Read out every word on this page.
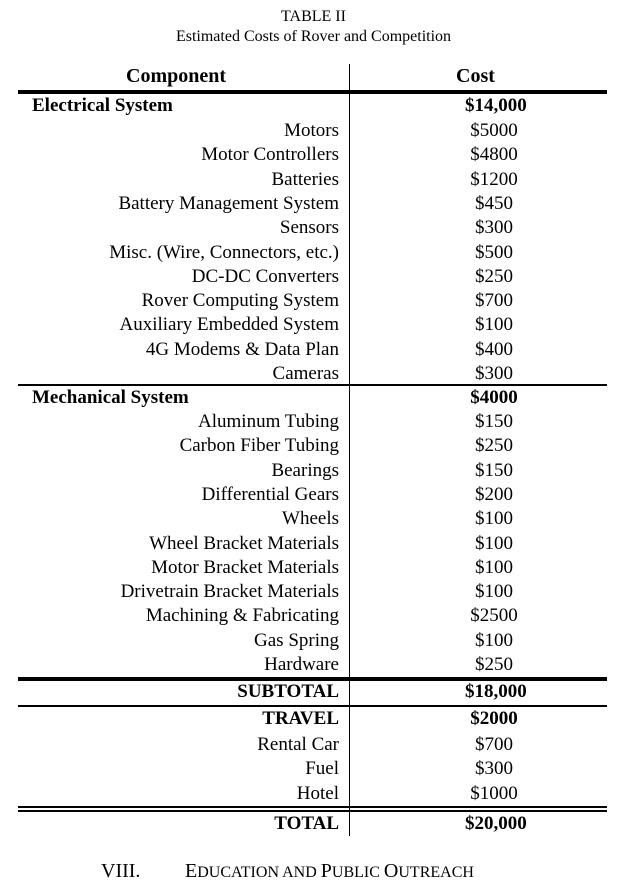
TABLE II
Estimated Costs of Rover and Competition
Component	Cost
Electrical System	$14,000
Motors	$5000
Motor Controllers	$4800
Batteries	$1200
Battery Management System	$450
Sensors	$300
Misc. (Wire, Connectors, etc.)	$500
DC-DC Converters	$250
Rover Computing System	$700
Auxiliary Embedded System	$100
4G Modems & Data Plan	$400
Cameras	$300
Mechanical System	$4000
Aluminum Tubing	$150
Carbon Fiber Tubing	$250
Bearings	$150
Differential Gears	$200
Wheels	$100
Wheel Bracket Materials	$100
Motor Bracket Materials	$100
Drivetrain Bracket Materials	$100
Machining & Fabricating	$2500
Gas Spring	$100
Hardware	$250
SUBTOTAL	$18,000
TRAVEL	$2000
Rental Car	$700
Fuel	$300
Hotel	$1000
TOTAL	$20,000
VIII. EDUCATION AND PUBLIC OUTREACH
